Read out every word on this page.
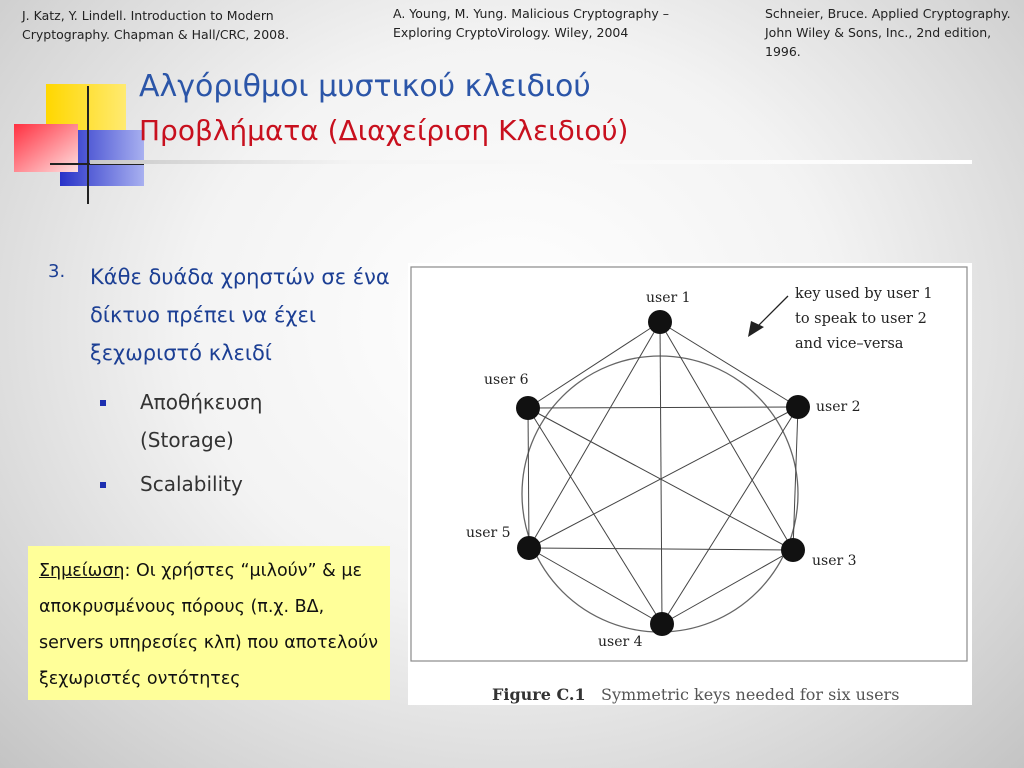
J. Katz, Y. Lindell. Introduction to Modern Cryptography. Chapman & Hall/CRC, 2008.
A. Young, M. Yung. Malicious Cryptography – Exploring CryptoVirology. Wiley, 2004
Schneier, Bruce. Applied Cryptography. John Wiley & Sons, Inc., 2nd edition, 1996.
Αλγόριθμοι μυστικού κλειδιού
Προβλήματα (Διαχείριση Κλειδιού)
3. Κάθε δυάδα χρηστών σε ένα δίκτυο πρέπει να έχει ξεχωριστό κλειδί
Αποθήκευση (Storage)
Scalability
Σημείωση: Οι χρήστες “μιλούν” & με αποκρυσμένους πόρους (π.χ. ΒΔ, servers υπηρεσίες κλπ) που αποτελούν ξεχωριστές οντότητες
user 1
user 2
user 3
user 4
user 5
user 6
key used by user 1
to speak to user 2
and vice–versa
Figure C.1 Symmetric keys needed for six users
